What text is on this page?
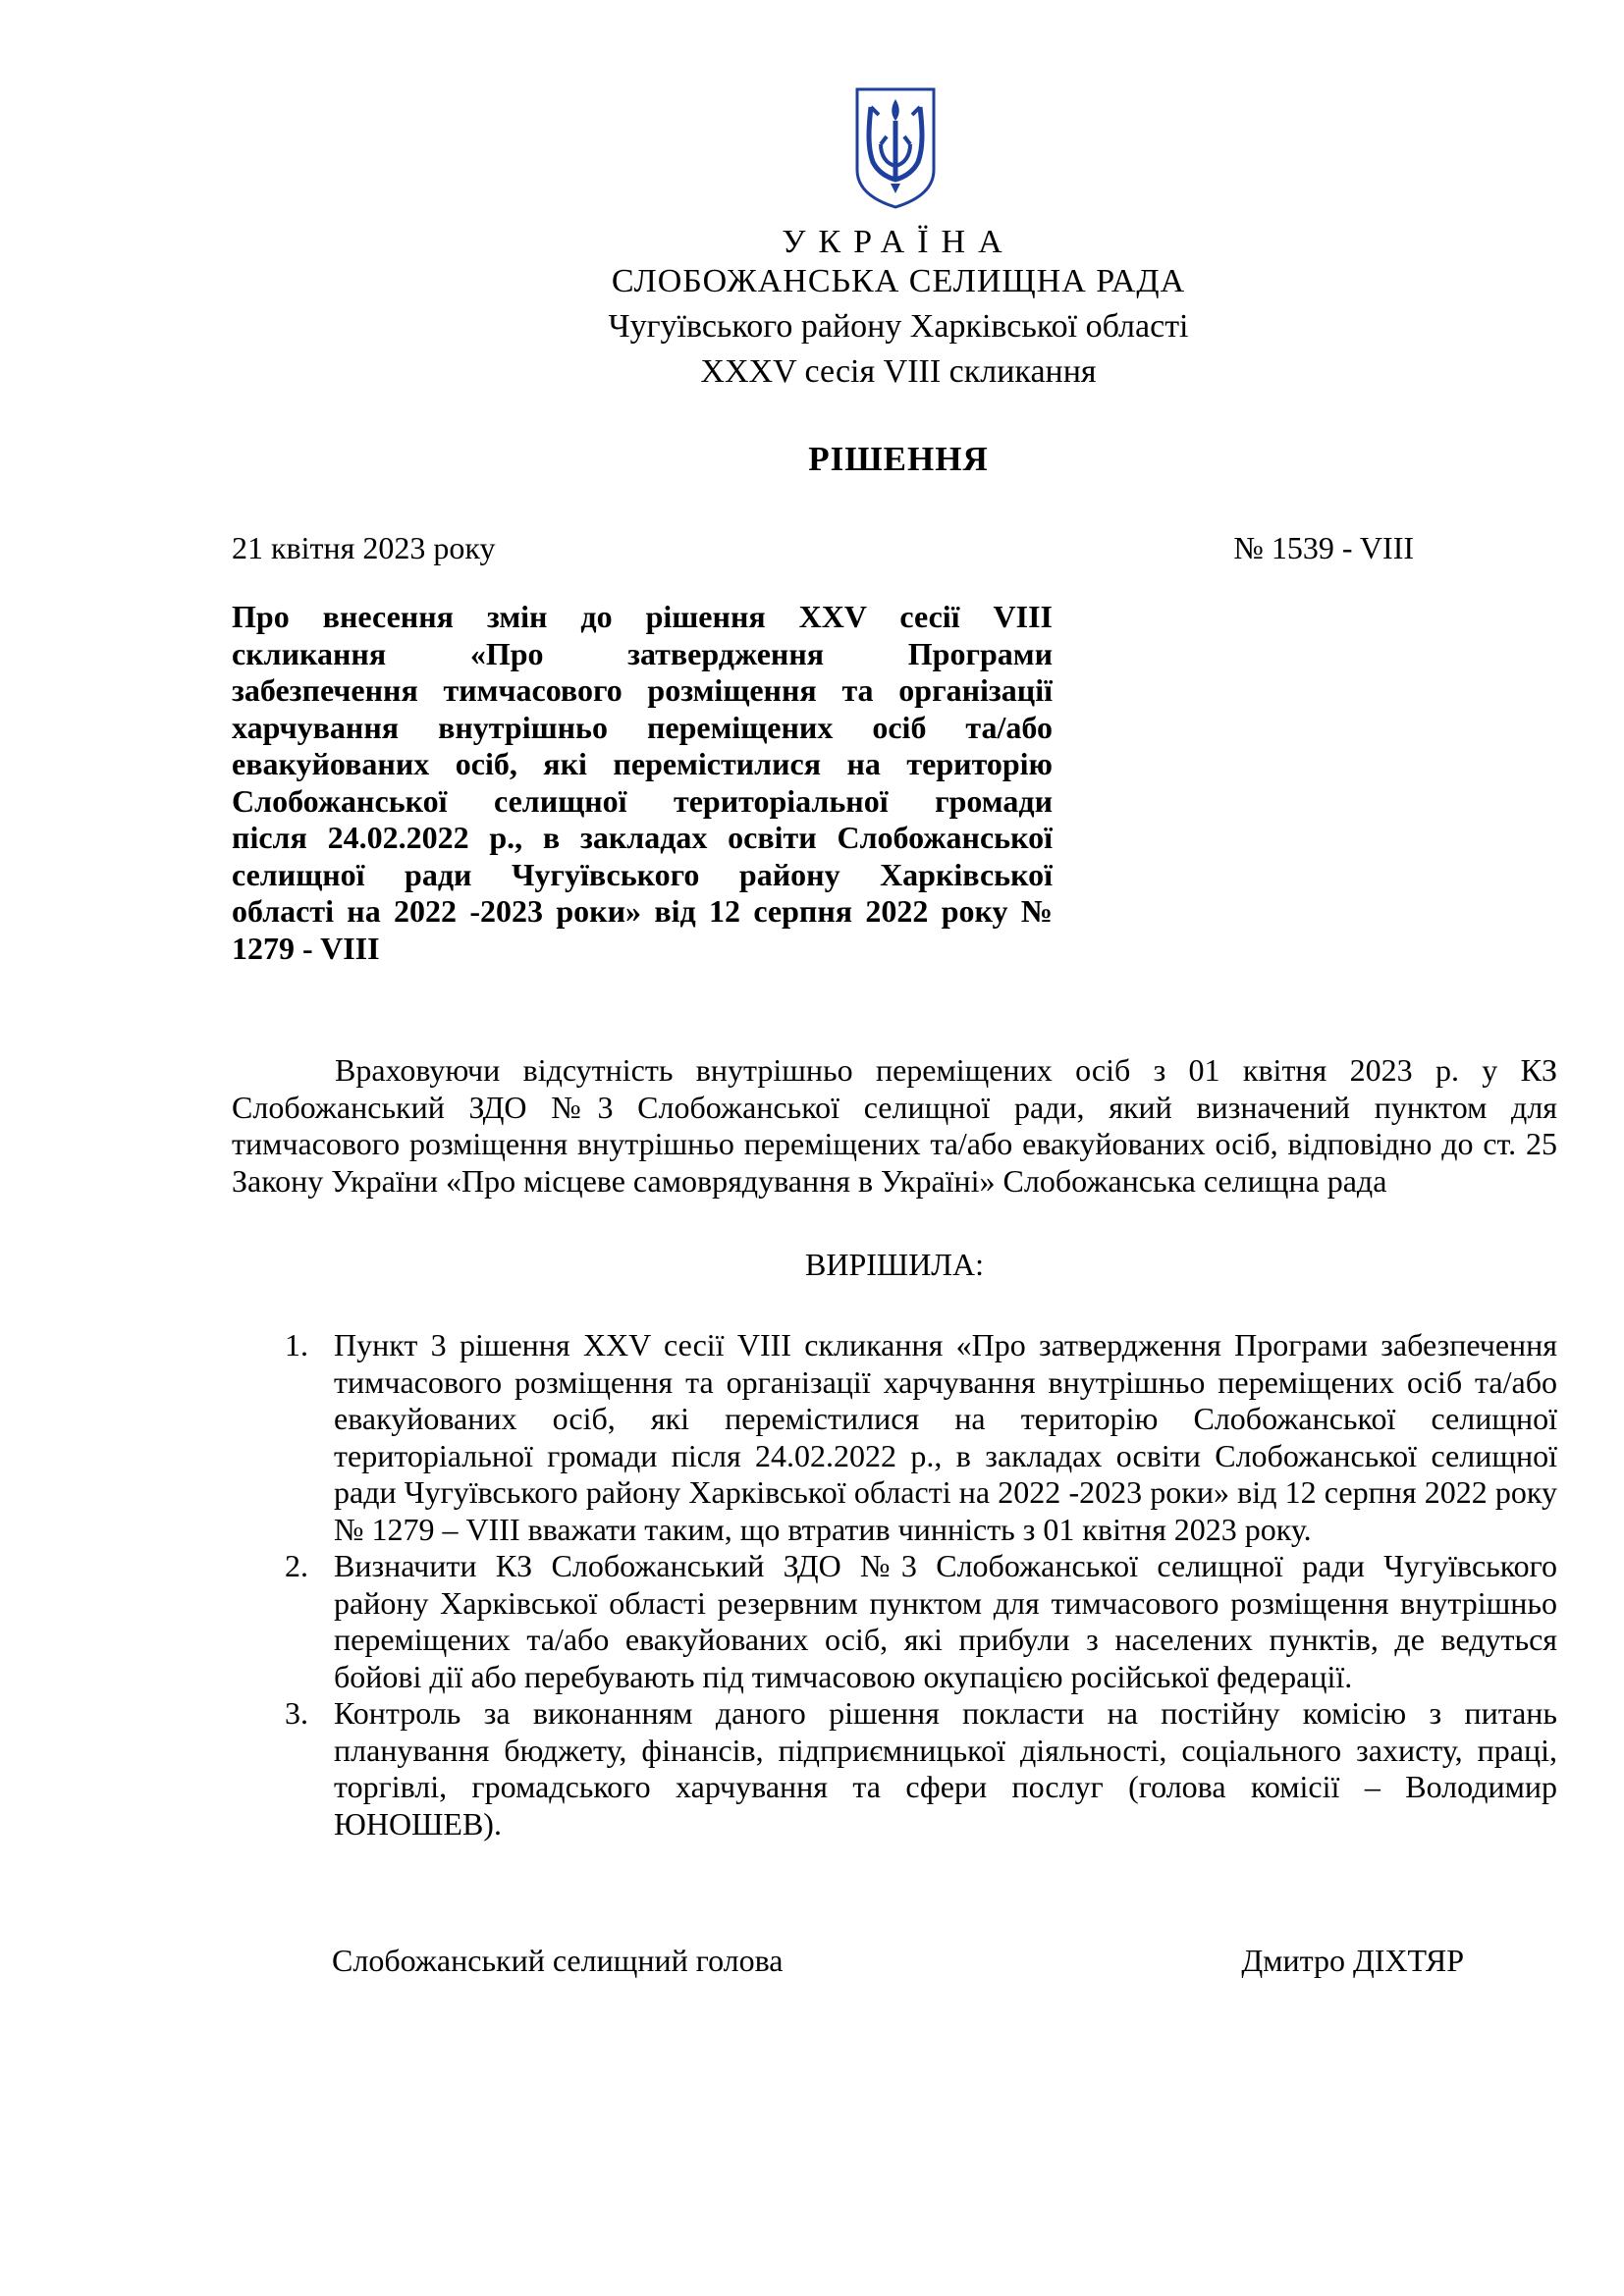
УКРАЇНА
СЛОБОЖАНСЬКА СЕЛИЩНА РАДА
Чугуївського району Харківської області
XXXV сесія VIII скликання
РІШЕННЯ
21 квітня 2023 року	№ 1539 - VIII
Про внесення змін до рішення XXV сесії VIII
скликання «Про затвердження Програми
забезпечення тимчасового розміщення та організації
харчування внутрішньо переміщених осіб та/або
евакуйованих осіб, які перемістилися на територію
Слобожанської селищної територіальної громади
після 24.02.2022 р., в закладах освіти Слобожанської
селищної ради Чугуївського району Харківської
області на 2022 -2023 роки» від 12 серпня 2022 року №
1279 - VIII
Враховуючи відсутність внутрішньо переміщених осіб з 01 квітня 2023 р. у КЗ Слобожанський ЗДО №3 Слобожанської селищної ради, який визначений пунктом для тимчасового розміщення внутрішньо переміщених та/або евакуйованих осіб, відповідно до ст. 25 Закону України «Про місцеве самоврядування в Україні» Слобожанська селищна рада
ВИРІШИЛА:
1. Пункт 3 рішення XXV сесії VIII скликання «Про затвердження Програми забезпечення тимчасового розміщення та організації харчування внутрішньо переміщених осіб та/або евакуйованих осіб, які перемістилися на територію Слобожанської селищної територіальної громади після 24.02.2022 р., в закладах освіти Слобожанської селищної ради Чугуївського району Харківської області на 2022 -2023 роки» від 12 серпня 2022 року № 1279 – VIII вважати таким, що втратив чинність з 01 квітня 2023 року.
2. Визначити КЗ Слобожанський ЗДО №3 Слобожанської селищної ради Чугуївського району Харківської області резервним пунктом для тимчасового розміщення внутрішньо переміщених та/або евакуйованих осіб, які прибули з населених пунктів, де ведуться бойові дії або перебувають під тимчасовою окупацією російської федерації.
3. Контроль за виконанням даного рішення покласти на постійну комісію з питань планування бюджету, фінансів, підприємницької діяльності, соціального захисту, праці, торгівлі, громадського харчування та сфери послуг (голова комісії – Володимир ЮНОШЕВ).
Слобожанський селищний голова	Дмитро ДІХТЯР
